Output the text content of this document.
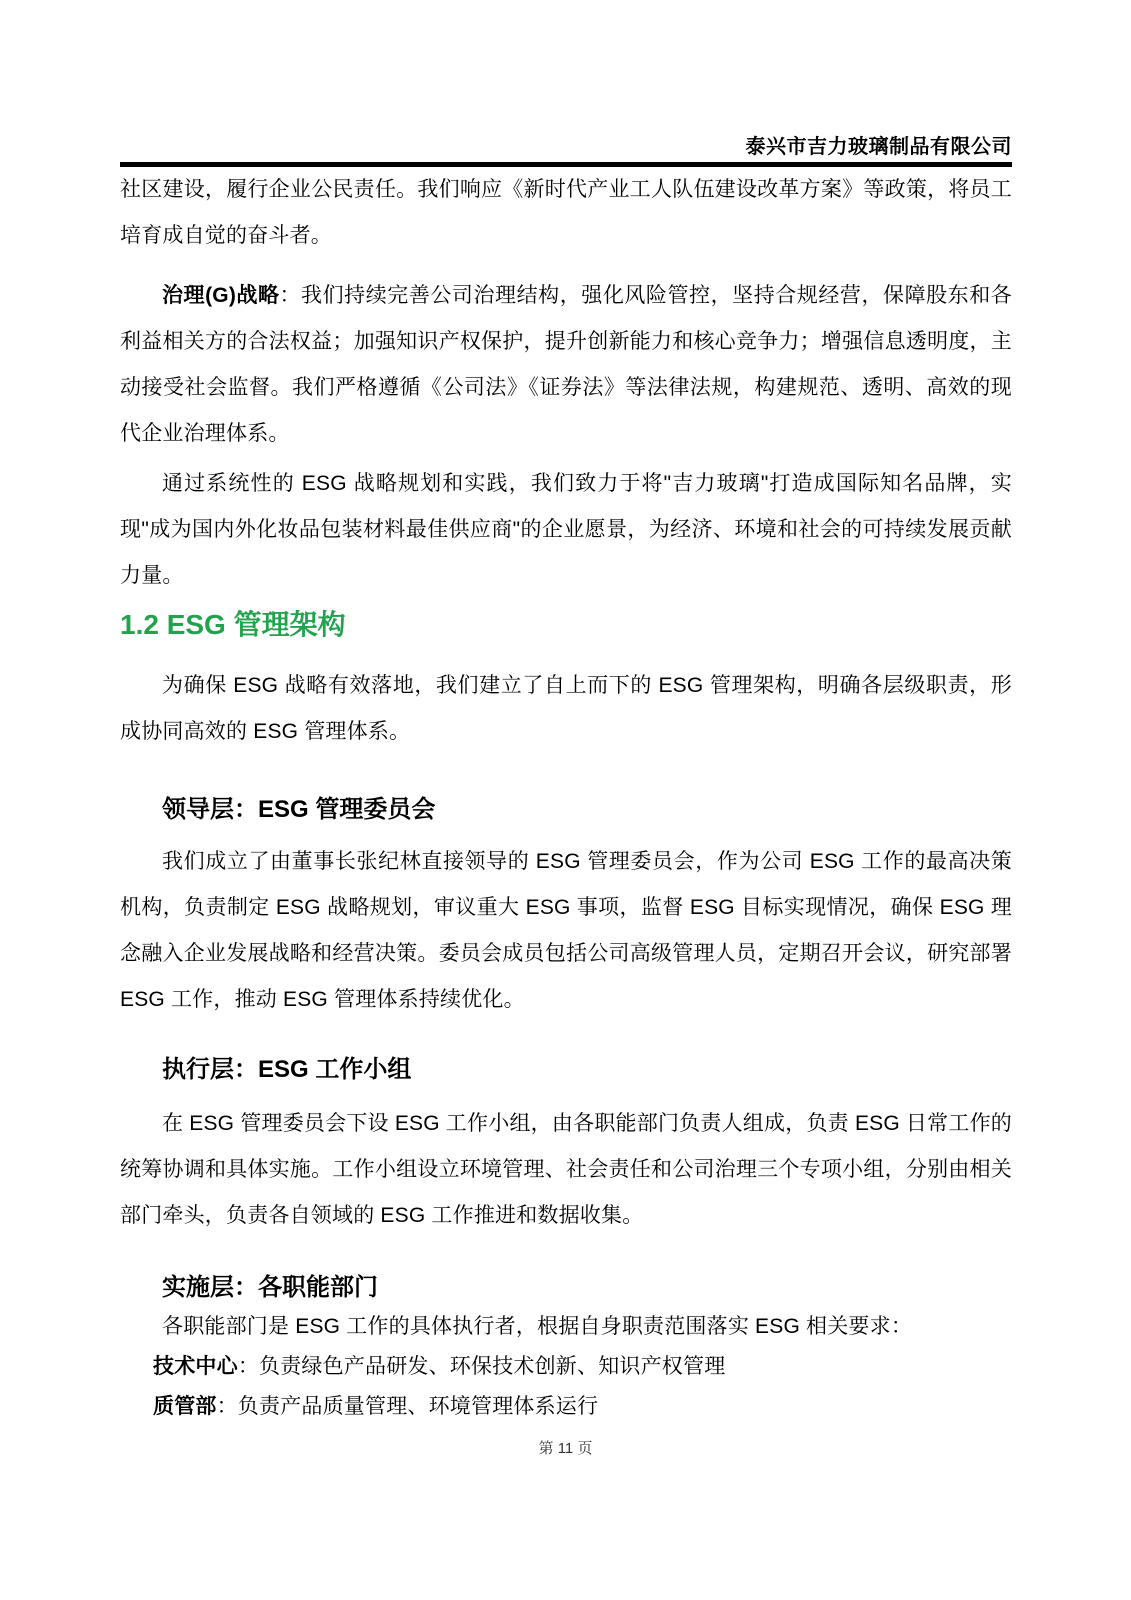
泰兴市吉力玻璃制品有限公司

社区建设，履行企业公民责任。我们响应《新时代产业工人队伍建设改革方案》等政策，将员工培育成自觉的奋斗者。

治理(G)战略：我们持续完善公司治理结构，强化风险管控，坚持合规经营，保障股东和各利益相关方的合法权益；加强知识产权保护，提升创新能力和核心竞争力；增强信息透明度，主动接受社会监督。我们严格遵循《公司法》《证券法》等法律法规，构建规范、透明、高效的现代企业治理体系。

通过系统性的 ESG 战略规划和实践，我们致力于将"吉力玻璃"打造成国际知名品牌，实现"成为国内外化妆品包装材料最佳供应商"的企业愿景，为经济、环境和社会的可持续发展贡献力量。

1.2 ESG 管理架构

为确保 ESG 战略有效落地，我们建立了自上而下的 ESG 管理架构，明确各层级职责，形成协同高效的 ESG 管理体系。

领导层：ESG 管理委员会

我们成立了由董事长张纪林直接领导的 ESG 管理委员会，作为公司 ESG 工作的最高决策机构，负责制定 ESG 战略规划，审议重大 ESG 事项，监督 ESG 目标实现情况，确保 ESG 理念融入企业发展战略和经营决策。委员会成员包括公司高级管理人员，定期召开会议，研究部署 ESG 工作，推动 ESG 管理体系持续优化。

执行层：ESG 工作小组

在 ESG 管理委员会下设 ESG 工作小组，由各职能部门负责人组成，负责 ESG 日常工作的统筹协调和具体实施。工作小组设立环境管理、社会责任和公司治理三个专项小组，分别由相关部门牵头，负责各自领域的 ESG 工作推进和数据收集。

实施层：各职能部门

各职能部门是 ESG 工作的具体执行者，根据自身职责范围落实 ESG 相关要求：

技术中心：负责绿色产品研发、环保技术创新、知识产权管理

质管部：负责产品质量管理、环境管理体系运行

第 11 页
